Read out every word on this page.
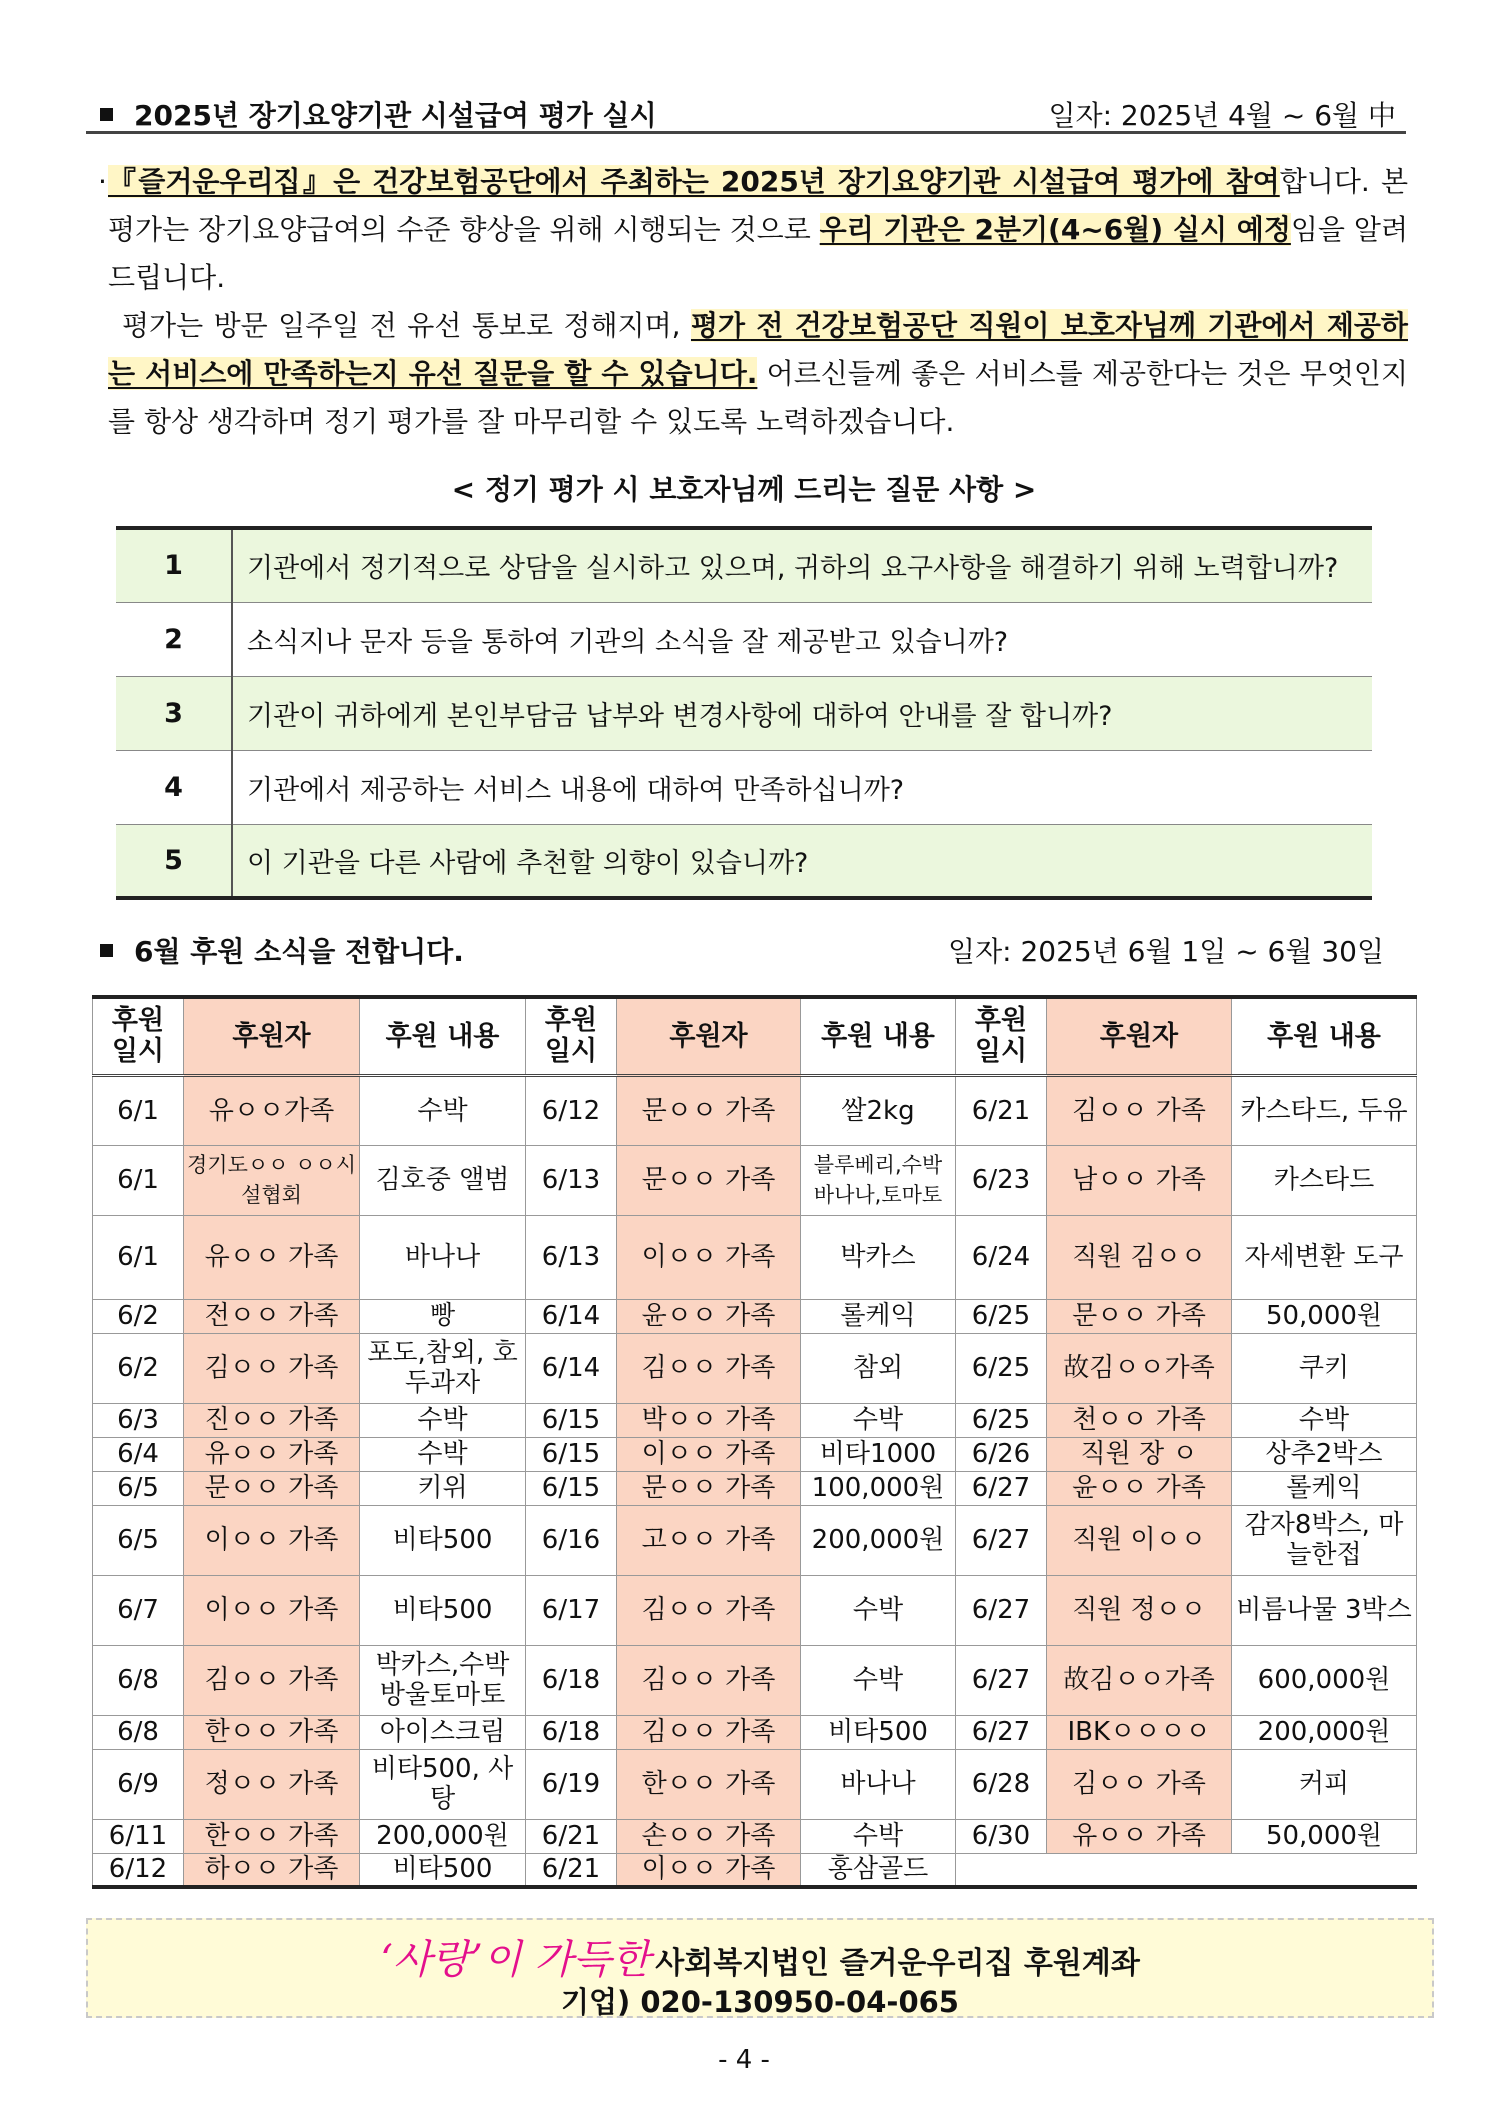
2025년 장기요양기관 시설급여 평가 실시	일자: 2025년 4월 ~ 6월 中
· 『즐거운우리집』은 건강보험공단에서 주최하는 2025년 장기요양기관 시설급여 평가에 참여합니다. 본 평가는 장기요양급여의 수준 향상을 위해 시행되는 것으로 우리 기관은 2분기(4~6월) 실시 예정임을 알려드립니다.
평가는 방문 일주일 전 유선 통보로 정해지며, 평가 전 건강보험공단 직원이 보호자님께 기관에서 제공하는 서비스에 만족하는지 유선 질문을 할 수 있습니다. 어르신들께 좋은 서비스를 제공한다는 것은 무엇인지를 항상 생각하며 정기 평가를 잘 마무리할 수 있도록 노력하겠습니다.
< 정기 평가 시 보호자님께 드리는 질문 사항 >
1	기관에서 정기적으로 상담을 실시하고 있으며, 귀하의 요구사항을 해결하기 위해 노력합니까?
2	소식지나 문자 등을 통하여 기관의 소식을 잘 제공받고 있습니까?
3	기관이 귀하에게 본인부담금 납부와 변경사항에 대하여 안내를 잘 합니까?
4	기관에서 제공하는 서비스 내용에 대하여 만족하십니까?
5	이 기관을 다른 사람에 추천할 의향이 있습니까?
6월 후원 소식을 전합니다.	일자: 2025년 6월 1일 ~ 6월 30일
후원 일시	후원자	후원 내용	후원 일시	후원자	후원 내용	후원 일시	후원자	후원 내용
6/1	유ㅇㅇ가족	수박	6/12	문ㅇㅇ 가족	쌀2kg	6/21	김ㅇㅇ 가족	카스타드, 두유
6/1	경기도ㅇㅇ ㅇㅇ시설협회	김호중 앨범	6/13	문ㅇㅇ 가족	블루베리,수박 바나나,토마토	6/23	남ㅇㅇ 가족	카스타드
6/1	유ㅇㅇ 가족	바나나	6/13	이ㅇㅇ 가족	박카스	6/24	직원 김ㅇㅇ	자세변환 도구
6/2	전ㅇㅇ 가족	빵	6/14	윤ㅇㅇ 가족	롤케익	6/25	문ㅇㅇ 가족	50,000원
6/2	김ㅇㅇ 가족	포도,참외, 호두과자	6/14	김ㅇㅇ 가족	참외	6/25	故김ㅇㅇ가족	쿠키
6/3	진ㅇㅇ 가족	수박	6/15	박ㅇㅇ 가족	수박	6/25	천ㅇㅇ 가족	수박
6/4	유ㅇㅇ 가족	수박	6/15	이ㅇㅇ 가족	비타1000	6/26	직원 장 ㅇ	상추2박스
6/5	문ㅇㅇ 가족	키위	6/15	문ㅇㅇ 가족	100,000원	6/27	윤ㅇㅇ 가족	롤케익
6/5	이ㅇㅇ 가족	비타500	6/16	고ㅇㅇ 가족	200,000원	6/27	직원 이ㅇㅇ	감자8박스, 마늘한접
6/7	이ㅇㅇ 가족	비타500	6/17	김ㅇㅇ 가족	수박	6/27	직원 정ㅇㅇ	비름나물 3박스
6/8	김ㅇㅇ 가족	박카스,수박 방울토마토	6/18	김ㅇㅇ 가족	수박	6/27	故김ㅇㅇ가족	600,000원
6/8	한ㅇㅇ 가족	아이스크림	6/18	김ㅇㅇ 가족	비타500	6/27	IBKㅇㅇㅇㅇ	200,000원
6/9	정ㅇㅇ 가족	비타500, 사탕	6/19	한ㅇㅇ 가족	바나나	6/28	김ㅇㅇ 가족	커피
6/11	한ㅇㅇ 가족	200,000원	6/21	손ㅇㅇ 가족	수박	6/30	유ㅇㅇ 가족	50,000원
6/12	하ㅇㅇ 가족	비타500	6/21	이ㅇㅇ 가족	홍삼골드			
‘사랑’이 가득한 사회복지법인 즐거운우리집 후원계좌
기업) 020-130950-04-065
- 4 -
